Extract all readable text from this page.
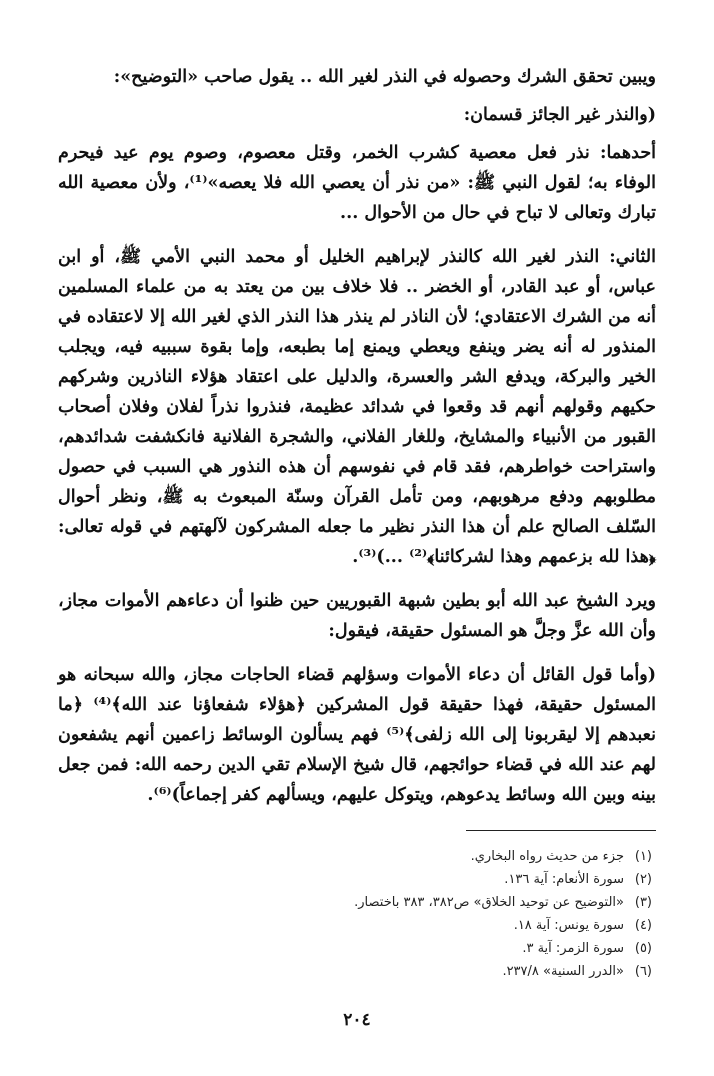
ويبين تحقق الشرك وحصوله في النذر لغير الله .. يقول صاحب «التوضيح»:

(والنذر غير الجائز قسمان:

أحدهما: نذر فعل معصية كشرب الخمر، وقتل معصوم، وصوم يوم عيد فيحرم الوفاء به؛ لقول النبي ﷺ: «من نذر أن يعصي الله فلا يعصه»⁽¹⁾، ولأن معصية الله تبارك وتعالى لا تباح في حال من الأحوال ...

الثاني: النذر لغير الله كالنذر لإبراهيم الخليل أو محمد النبي الأمي ﷺ، أو ابن عباس، أو عبد القادر، أو الخضر .. فلا خلاف بين من يعتد به من علماء المسلمين أنه من الشرك الاعتقادي؛ لأن الناذر لم ينذر هذا النذر الذي لغير الله إلا لاعتقاده في المنذور له أنه يضر وينفع ويعطي ويمنع إما بطبعه، وإما بقوة سببيه فيه، ويجلب الخير والبركة، ويدفع الشر والعسرة، والدليل على اعتقاد هؤلاء الناذرين وشركهم حكيهم وقولهم أنهم قد وقعوا في شدائد عظيمة، فنذروا نذراً لفلان وفلان أصحاب القبور من الأنبياء والمشايخ، وللغار الفلاني، والشجرة الفلانية فانكشفت شدائدهم، واستراحت خواطرهم، فقد قام في نفوسهم أن هذه النذور هي السبب في حصول مطلوبهم ودفع مرهوبهم، ومن تأمل القرآن وسنّة المبعوث به ﷺ، ونظر أحوال السّلف الصالح علم أن هذا النذر نظير ما جعله المشركون لآلهتهم في قوله تعالى: ﴿هذا لله بزعمهم وهذا لشركائنا﴾⁽²⁾ ...)⁽³⁾.

ويرد الشيخ عبد الله أبو بطين شبهة القبوريين حين ظنوا أن دعاءهم الأموات مجاز، وأن الله عزَّ وجلَّ هو المسئول حقيقة، فيقول:

(وأما قول القائل أن دعاء الأموات وسؤلهم قضاء الحاجات مجاز، والله سبحانه هو المسئول حقيقة، فهذا حقيقة قول المشركين ﴿هؤلاء شفعاؤنا عند الله﴾⁽⁴⁾ ﴿ما نعبدهم إلا ليقربونا إلى الله زلفى﴾⁽⁵⁾ فهم يسألون الوسائط زاعمين أنهم يشفعون لهم عند الله في قضاء حوائجهم، قال شيخ الإسلام تقي الدين رحمه الله: فمن جعل بينه وبين الله وسائط يدعوهم، ويتوكل عليهم، ويسألهم كفر إجماعاً)⁽⁶⁾.

(١)جزء من حديث رواه البخاري.
(٢)سورة الأنعام: آية ١٣٦.
(٣)«التوضيح عن توحيد الخلاق» ص٣٨٢، ٣٨٣ باختصار.
(٤)سورة يونس: آية ١٨.
(٥)سورة الزمر: آية ٣.
(٦)«الدرر السنية» ٢٣٧/٨.
٢٠٤
